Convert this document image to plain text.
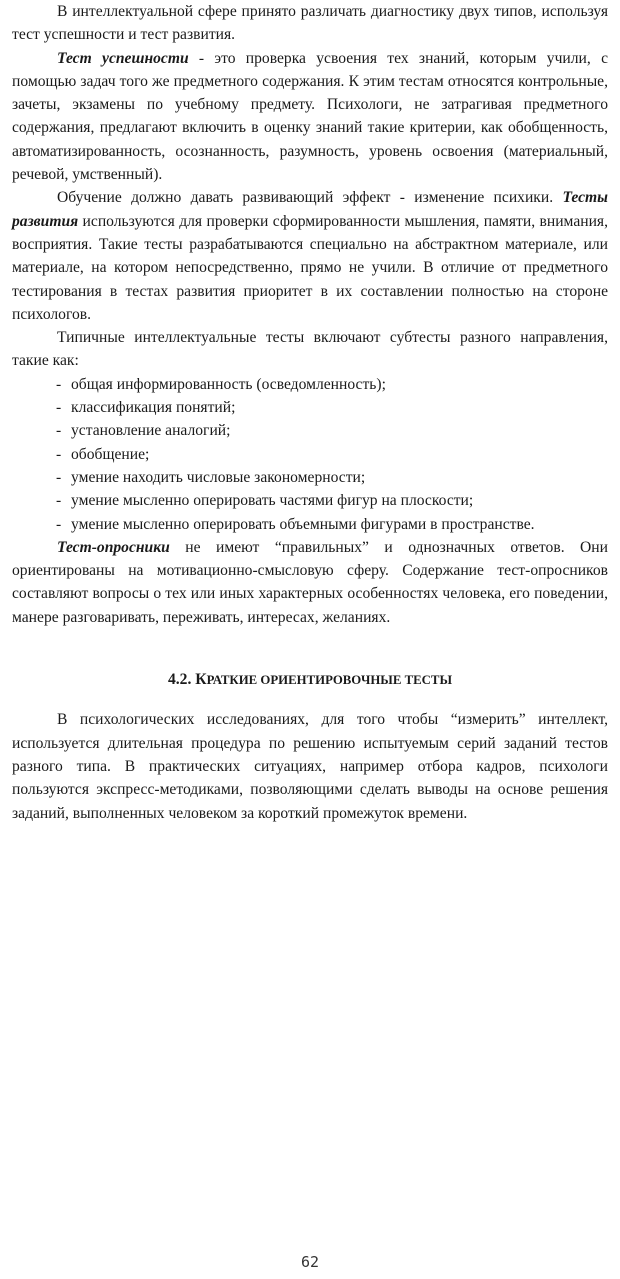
В интеллектуальной сфере принято различать диагностику двух типов, используя тест успешности и тест развития.

Тест успешности - это проверка усвоения тех знаний, которым учили, с помощью задач того же предметного содержания. К этим тестам относятся контрольные, зачеты, экзамены по учебному предмету. Психологи, не затрагивая предметного содержания, предлагают включить в оценку знаний такие критерии, как обобщенность, автоматизированность, осознанность, разумность, уровень освоения (материальный, речевой, умственный).

Обучение должно давать развивающий эффект - изменение психики. Тесты развития используются для проверки сформированности мышления, памяти, внимания, восприятия. Такие тесты разрабатываются специально на абстрактном материале, или материале, на котором непосредственно, прямо не учили. В отличие от предметного тестирования в тестах развития приоритет в их составлении полностью на стороне психологов.

Типичные интеллектуальные тесты включают субтесты разного направления, такие как:

- общая информированность (осведомленность);
- классификация понятий;
- установление аналогий;
- обобщение;
- умение находить числовые закономерности;
- умение мысленно оперировать частями фигур на плоскости;
- умение мысленно оперировать объемными фигурами в пространстве.

Тест-опросники не имеют “правильных” и однозначных ответов. Они ориентированы на мотивационно-смысловую сферу. Содержание тест-опросников составляют вопросы о тех или иных характерных особенностях человека, его поведении, манере разговаривать, переживать, интересах, желаниях.

4.2. КРАТКИЕ ОРИЕНТИРОВОЧНЫЕ ТЕСТЫ

В психологических исследованиях, для того чтобы “измерить” интеллект, используется длительная процедура по решению испытуемым серий заданий тестов разного типа. В практических ситуациях, например отбора кадров, психологи пользуются экспресс-методиками, позволяющими сделать выводы на основе решения заданий, выполненных человеком за короткий промежуток времени.

62
